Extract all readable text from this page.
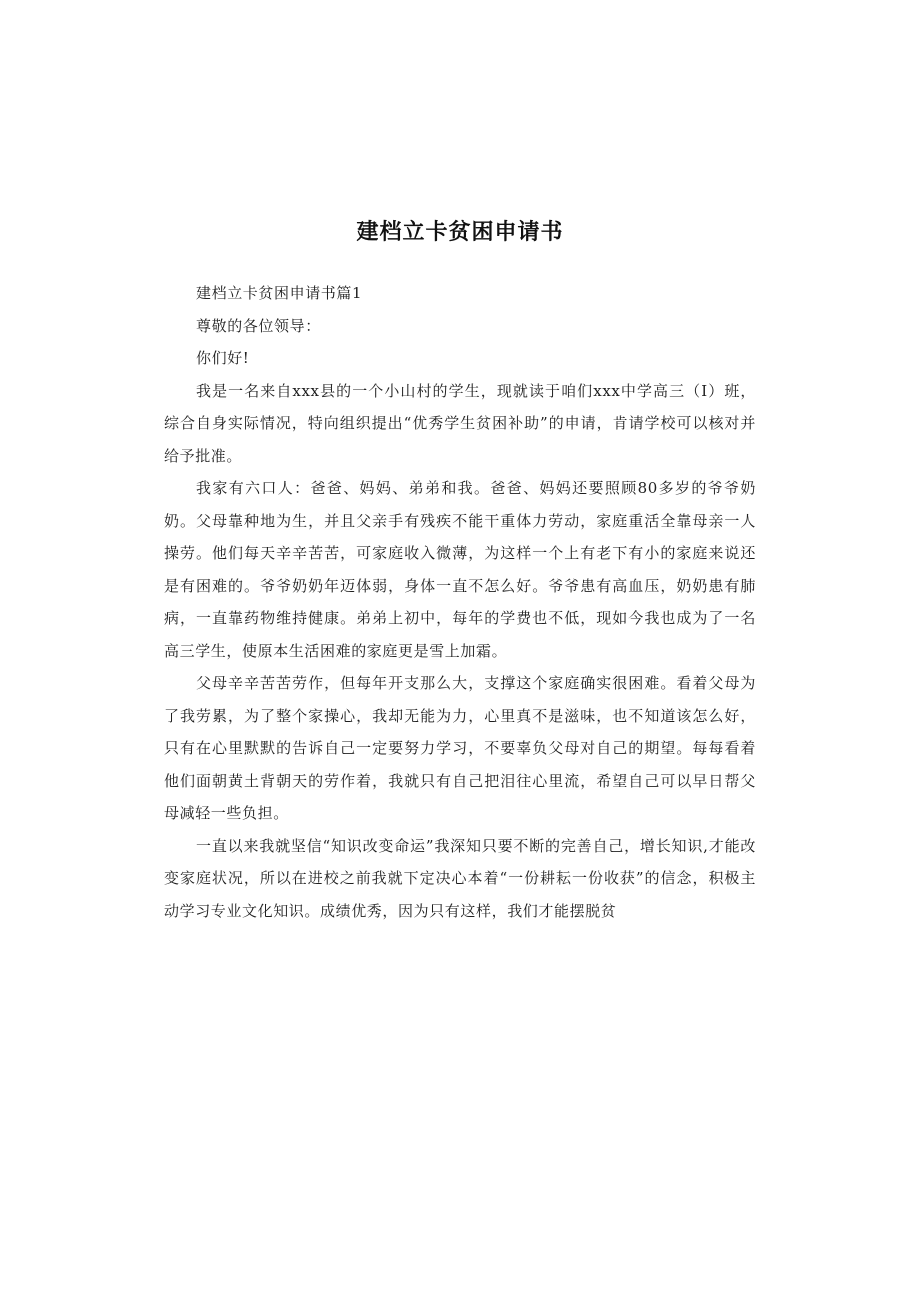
建档立卡贫困申请书

建档立卡贫困申请书篇1

尊敬的各位领导：

你们好!

我是一名来自xxx县的一个小山村的学生，现就读于咱们xxx中学高三（I）班，综合自身实际情况，特向组织提出“优秀学生贫困补助”的申请，肯请学校可以核对并给予批准。

我家有六口人：爸爸、妈妈、弟弟和我。爸爸、妈妈还要照顾80多岁的爷爷奶奶。父母靠种地为生，并且父亲手有残疾不能干重体力劳动，家庭重活全靠母亲一人操劳。他们每天辛辛苦苦，可家庭收入微薄，为这样一个上有老下有小的家庭来说还是有困难的。爷爷奶奶年迈体弱，身体一直不怎么好。爷爷患有高血压，奶奶患有肺病，一直靠药物维持健康。弟弟上初中，每年的学费也不低，现如今我也成为了一名高三学生，使原本生活困难的家庭更是雪上加霜。

父母辛辛苦苦劳作，但每年开支那么大，支撑这个家庭确实很困难。看着父母为了我劳累，为了整个家操心，我却无能为力，心里真不是滋味，也不知道该怎么好，只有在心里默默的告诉自己一定要努力学习，不要辜负父母对自己的期望。每每看着他们面朝黄土背朝天的劳作着，我就只有自己把泪往心里流，希望自己可以早日帮父母减轻一些负担。

一直以来我就坚信“知识改变命运”我深知只要不断的完善自己，增长知识,才能改变家庭状况，所以在进校之前我就下定决心本着“一份耕耘一份收获”的信念，积极主动学习专业文化知识。成绩优秀，因为只有这样，我们才能摆脱贫
